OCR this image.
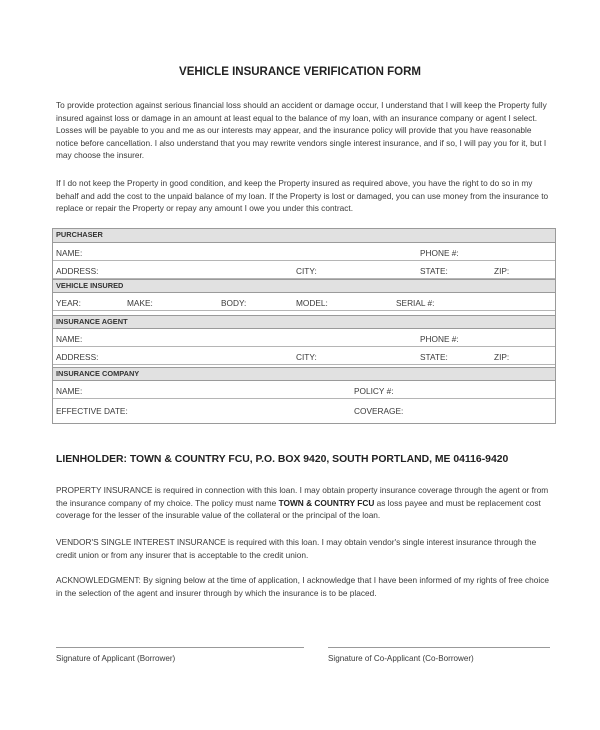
VEHICLE INSURANCE VERIFICATION FORM

To provide protection against serious financial loss should an accident or damage occur, I understand that I will keep the Property fully insured against loss or damage in an amount at least equal to the balance of my loan, with an insurance company or agent I select. Losses will be payable to you and me as our interests may appear, and the insurance policy will provide that you have reasonable notice before cancellation. I also understand that you may rewrite vendors single interest insurance, and if so, I will pay you for it, but I may choose the insurer.

If I do not keep the Property in good condition, and keep the Property insured as required above, you have the right to do so in my behalf and add the cost to the unpaid balance of my loan. If the Property is lost or damaged, you can use money from the insurance to replace or repair the Property or repay any amount I owe you under this contract.

PURCHASER
NAME:	PHONE #:
ADDRESS:	CITY:	STATE:	ZIP:
VEHICLE INSURED
YEAR:	MAKE:	BODY:	MODEL:	SERIAL #:
INSURANCE AGENT
NAME:	PHONE #:
ADDRESS:	CITY:	STATE:	ZIP:
INSURANCE COMPANY
NAME:	POLICY #:
EFFECTIVE DATE:	COVERAGE:
LIENHOLDER: TOWN & COUNTRY FCU, P.O. BOX 9420, SOUTH PORTLAND, ME 04116-9420

PROPERTY INSURANCE is required in connection with this loan. I may obtain property insurance coverage through the agent or from the insurance company of my choice. The policy must name TOWN & COUNTRY FCU as loss payee and must be replacement cost coverage for the lesser of the insurable value of the collateral or the principal of the loan.

VENDOR'S SINGLE INTEREST INSURANCE is required with this loan. I may obtain vendor's single interest insurance through the credit union or from any insurer that is acceptable to the credit union.

ACKNOWLEDGMENT: By signing below at the time of application, I acknowledge that I have been informed of my rights of free choice in the selection of the agent and insurer through by which the insurance is to be placed.

Signature of Applicant (Borrower)	Signature of Co-Applicant (Co-Borrower)
